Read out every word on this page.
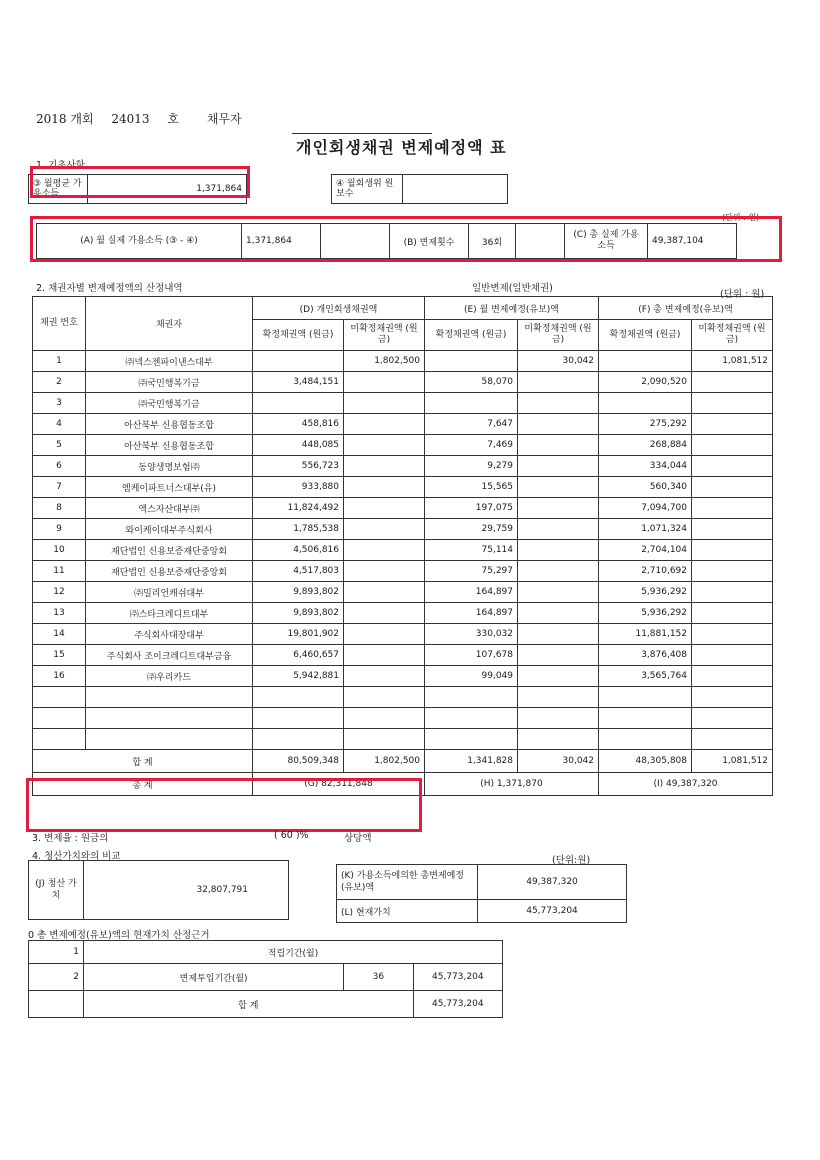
2018 개회 24013 호 채무자
개인회생채권 변제예정액 표
1. 기초사항
③ 월평균 가용소득	1,371,864		④ 월회생위 원 보수	
(단위 : 원)
(A) 월 실제 가용소득 (③ - ④)	1,371,864		(B) 변제횟수	36회		(C) 총 실제 가용소득	49,387,104
2. 채권자별 변제예정액의 산정내역	일반변제(일반채권)
(단위 : 원)
채권 번호	채권자	(D) 개인회생채권액		(E) 월 변제예정(유보)액		(F) 총 변제예정(유보)액	
		확정채권액 (원금)	미확정채권액 (원금)	확정채권액 (원금)	미확정채권액 (원금)	확정채권액 (원금)	미확정채권액 (원금)
1	㈜넥스젠파이낸스대부		1,802,500		30,042		1,081,512
2	㈜국민행복기금	3,484,151		58,070		2,090,520	
3	㈜국민행복기금						
4	아산북부 신용협동조합	458,816		7,647		275,292	
5	아산북부 신용협동조합	448,085		7,469		268,884	
6	동양생명보험㈜	556,723		9,279		334,044	
7	엠케이파트너스대부(유)	933,880		15,565		560,340	
8	엑스자산대부㈜	11,824,492		197,075		7,094,700	
9	와이케이대부주식회사	1,785,538		29,759		1,071,324	
10	재단법인 신용보증재단중앙회	4,506,816		75,114		2,704,104	
11	재단법인 신용보증재단중앙회	4,517,803		75,297		2,710,692	
12	㈜밀리언캐쉬대부	9,893,802		164,897		5,936,292	
13	㈜스타크레디트대부	9,893,802		164,897		5,936,292	
14	주식회사대장대부	19,801,902		330,032		11,881,152	
15	주식회사 조이크레디트대부금융	6,460,657		107,678		3,876,408	
16	㈜우리카드	5,942,881		99,049		3,565,764	

합 계		80,509,348	1,802,500	1,341,828	30,042	48,305,808	1,081,512
총 계		(G) 82,311,848		(H) 1,371,870		(I) 49,387,320	
3. 변제율 : 원금의	( 60 )%	상당액
4. 청산가치와의 비교	(단위:원)
(J) 청산 가치	32,807,791
(K) 가용소득에의한 총변제예정(유보)액	49,387,320
(L) 현재가치	45,773,204
0 총 변제예정(유보)액의 현재가치 산정근거
1	적립기간(월)		
2	변제투입기간(월)	36	45,773,204
	합 계		45,773,204
